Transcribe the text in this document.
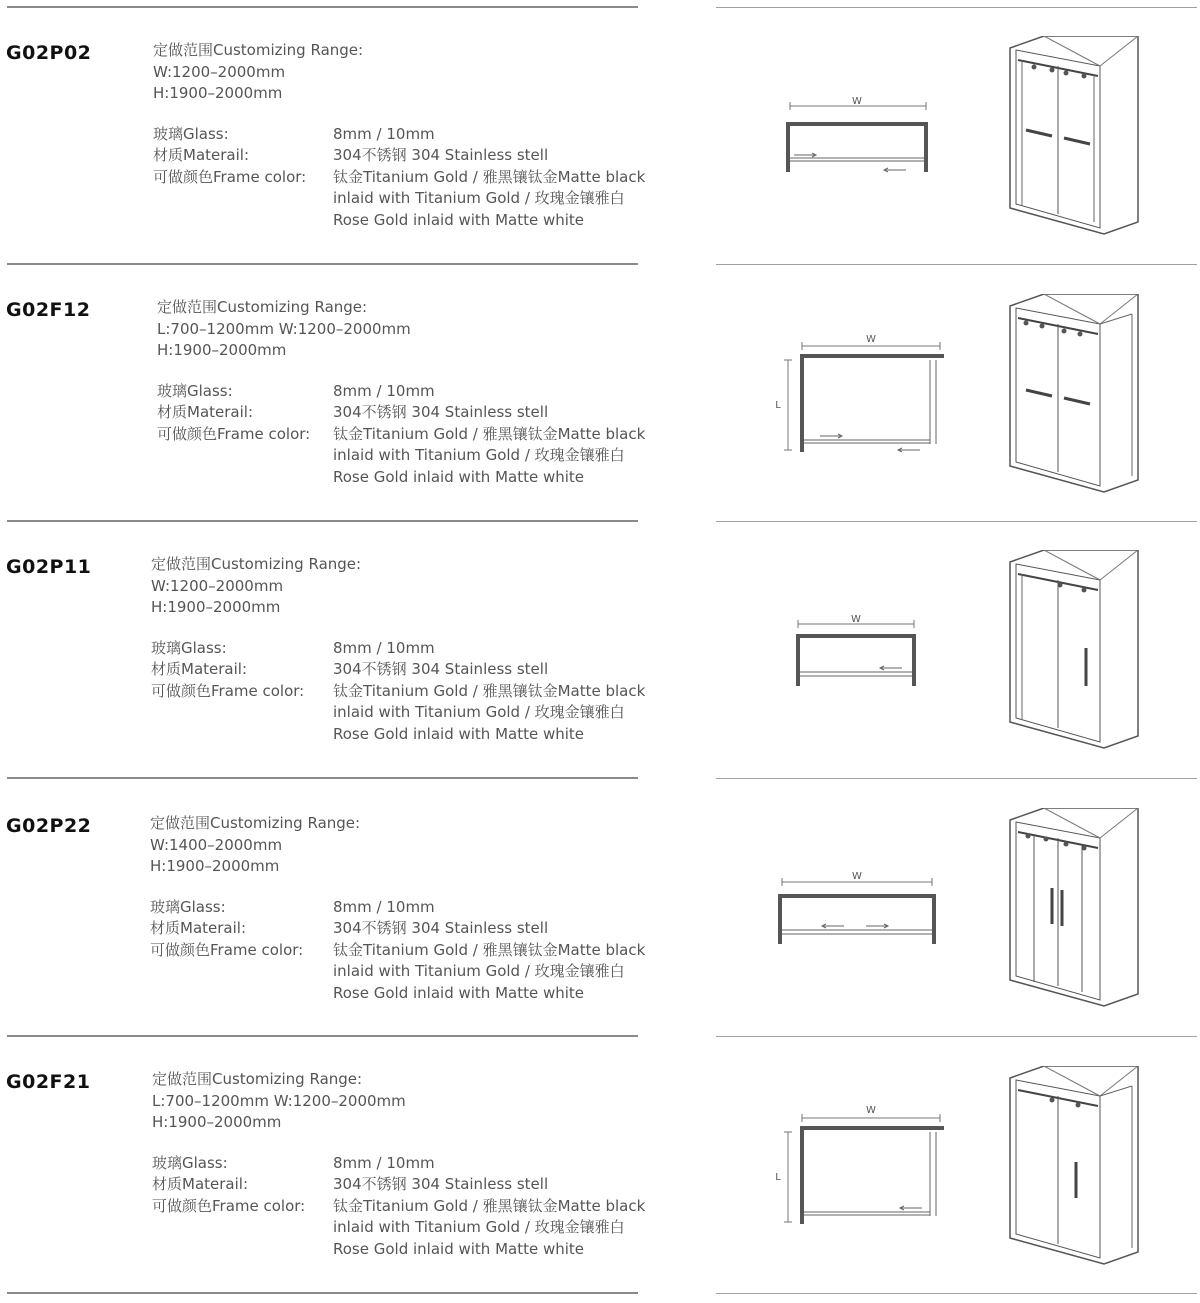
G02P02	定做范围Customizing Range:
W:1200–2000mm
H:1900–2000mm
玻璃Glass:	8mm / 10mm
材质Materail:	304不锈钢 304 Stainless stell
可做颜色Frame color: 钛金Titanium Gold / 雅黑镶钛金Matte black
inlaid with Titanium Gold / 玫瑰金镶雅白
Rose Gold inlaid with Matte white
W
G02F12	定做范围Customizing Range:
L:700–1200mm W:1200–2000mm
H:1900–2000mm
玻璃Glass:	8mm / 10mm
材质Materail:	304不锈钢 304 Stainless stell
可做颜色Frame color: 钛金Titanium Gold / 雅黑镶钛金Matte black
inlaid with Titanium Gold / 玫瑰金镶雅白
Rose Gold inlaid with Matte white
W
L
G02P11	定做范围Customizing Range:
W:1200–2000mm
H:1900–2000mm
玻璃Glass:	8mm / 10mm
材质Materail:	304不锈钢 304 Stainless stell
可做颜色Frame color: 钛金Titanium Gold / 雅黑镶钛金Matte black
inlaid with Titanium Gold / 玫瑰金镶雅白
Rose Gold inlaid with Matte white
W
G02P22	定做范围Customizing Range:
W:1400–2000mm
H:1900–2000mm
玻璃Glass:	8mm / 10mm
材质Materail:	304不锈钢 304 Stainless stell
可做颜色Frame color: 钛金Titanium Gold / 雅黑镶钛金Matte black
inlaid with Titanium Gold / 玫瑰金镶雅白
Rose Gold inlaid with Matte white
W
G02F21	定做范围Customizing Range:
L:700–1200mm W:1200–2000mm
H:1900–2000mm
玻璃Glass:	8mm / 10mm
材质Materail:	304不锈钢 304 Stainless stell
可做颜色Frame color: 钛金Titanium Gold / 雅黑镶钛金Matte black
inlaid with Titanium Gold / 玫瑰金镶雅白
Rose Gold inlaid with Matte white
W
L
